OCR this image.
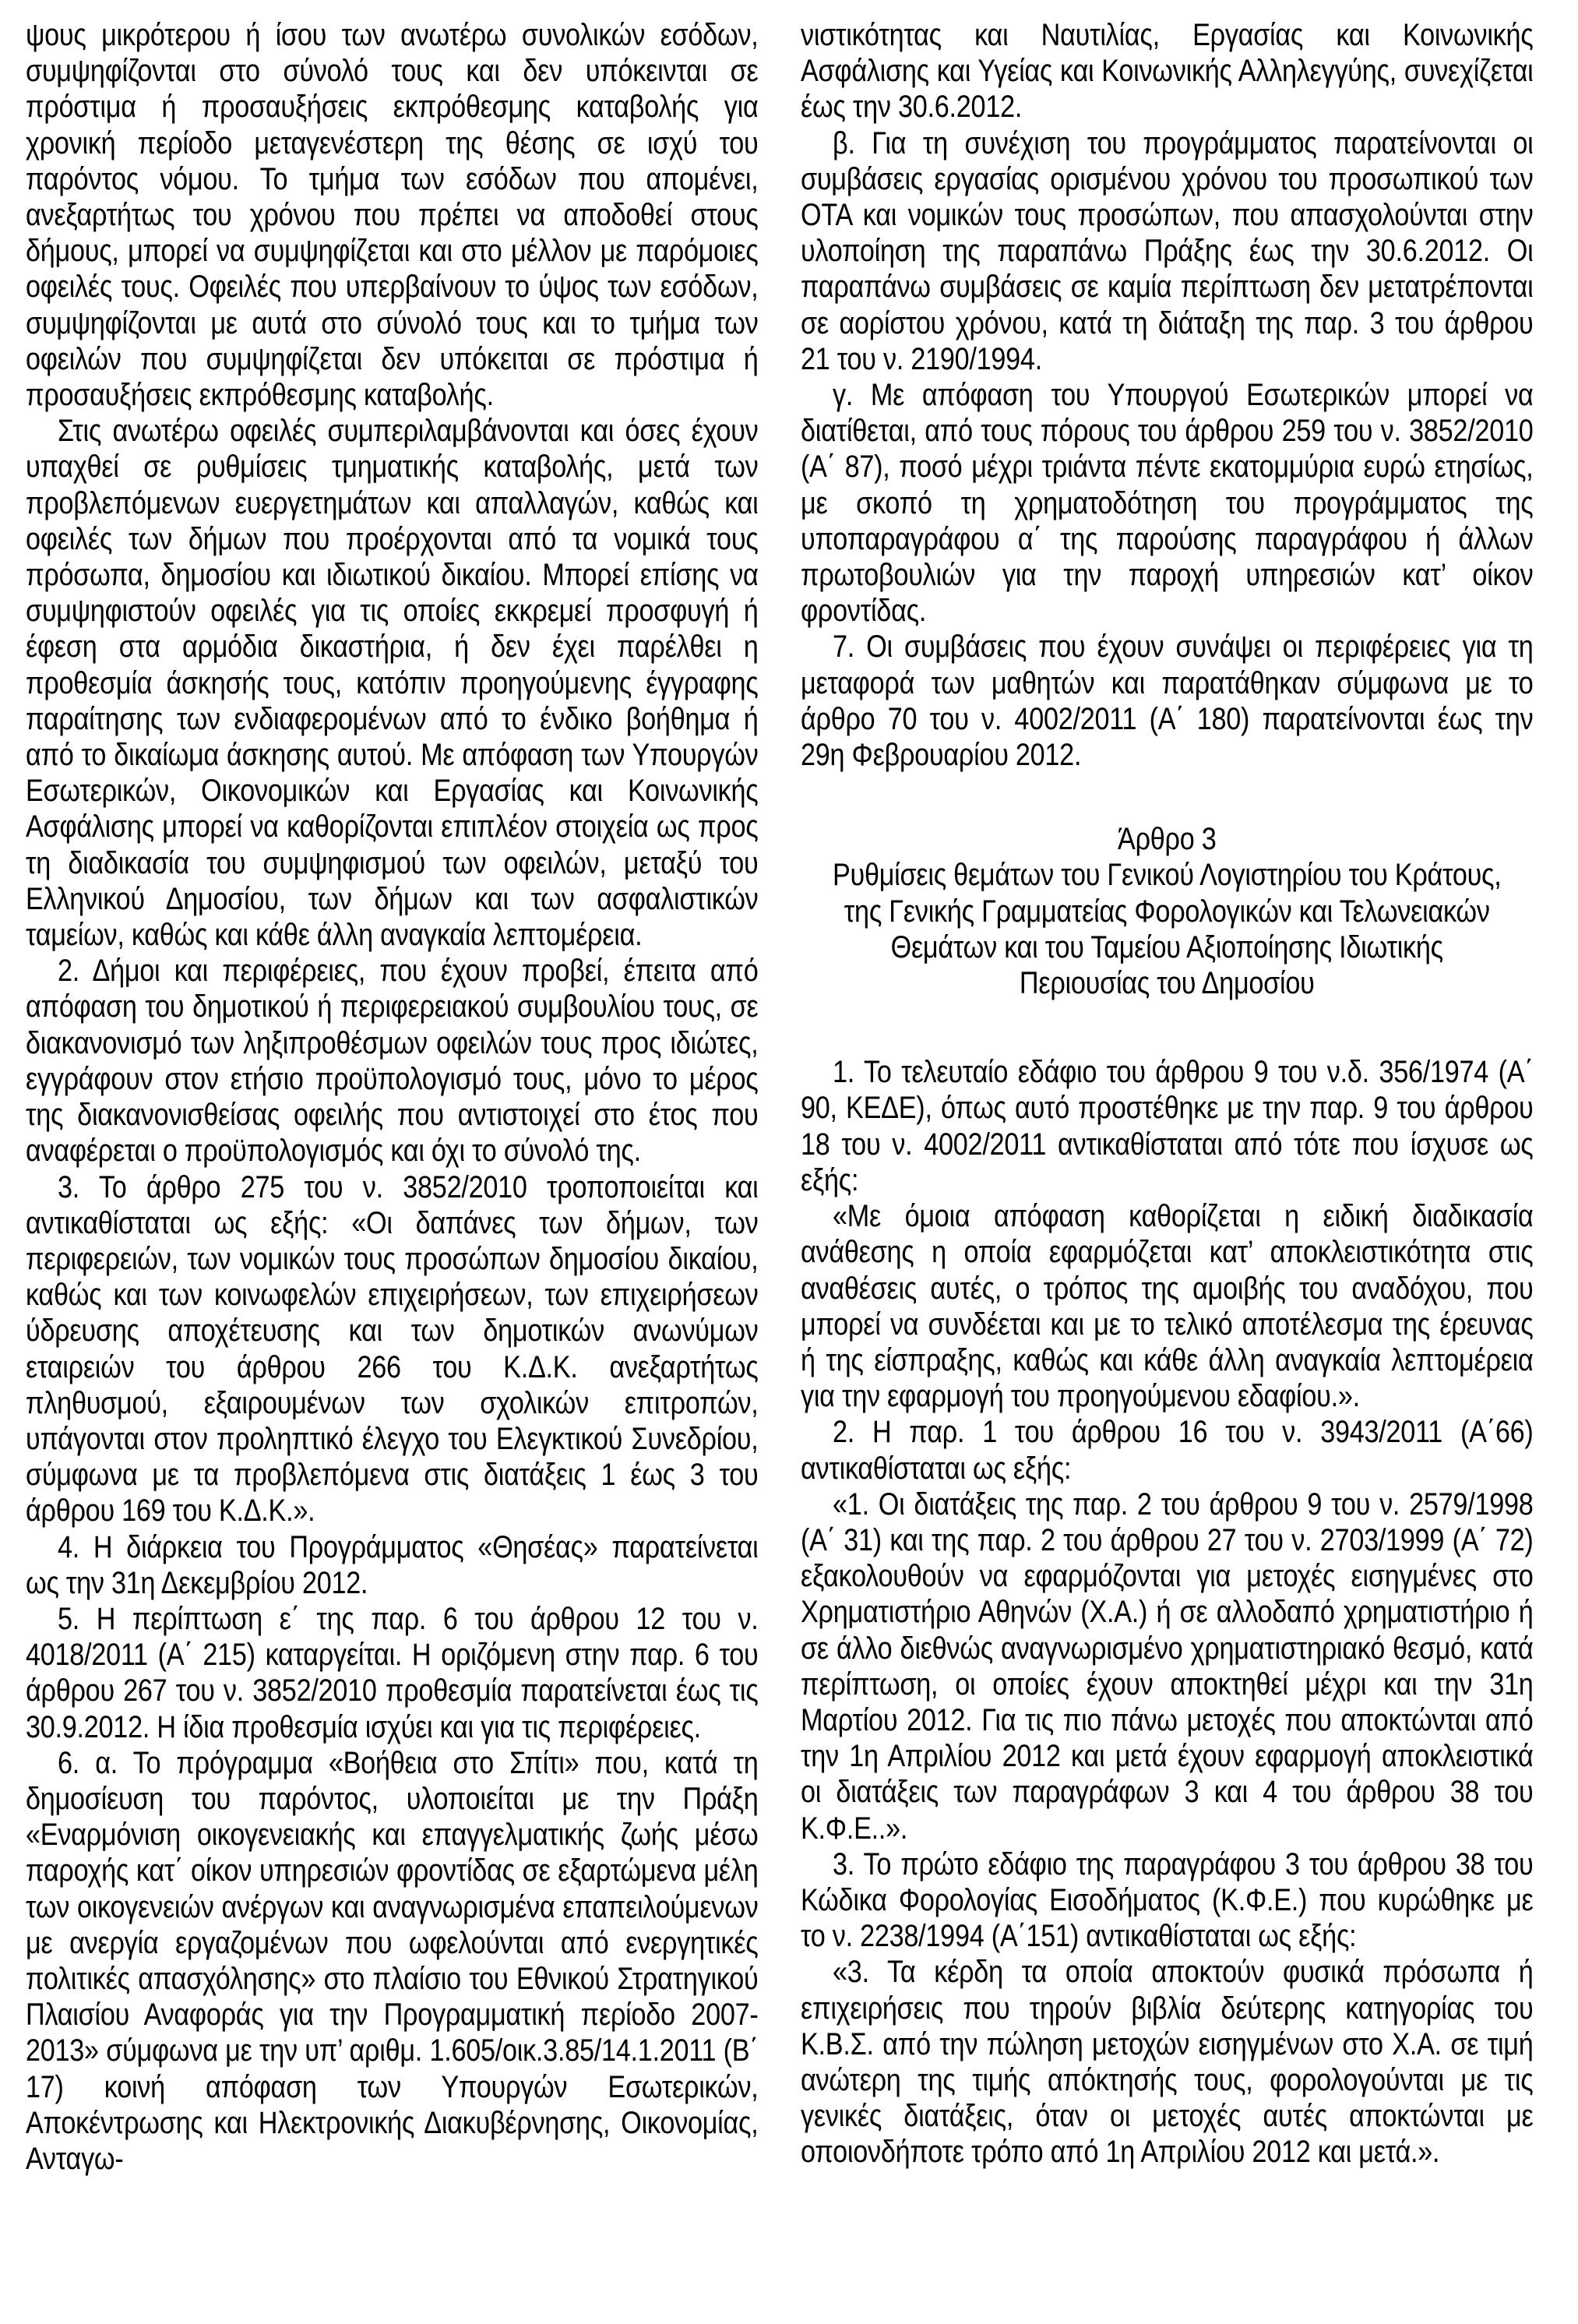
ψους μικρότερου ή ίσου των ανωτέρω συνολικών εσόδων, συμψηφίζονται στο σύνολό τους και δεν υπόκεινται σε πρόστιμα ή προσαυξήσεις εκπρόθεσμης καταβολής για χρονική περίοδο μεταγενέστερη της θέσης σε ισχύ του παρόντος νόμου. Το τμήμα των εσόδων που απομένει, ανεξαρτήτως του χρόνου που πρέπει να αποδοθεί στους δήμους, μπορεί να συμψηφίζεται και στο μέλλον με παρόμοιες οφειλές τους. Οφειλές που υπερβαίνουν το ύψος των εσόδων, συμψηφίζονται με αυτά στο σύνολό τους και το τμήμα των οφειλών που συμψηφίζεται δεν υπόκειται σε πρόστιμα ή προσαυξήσεις εκπρόθεσμης καταβολής.

Στις ανωτέρω οφειλές συμπεριλαμβάνονται και όσες έχουν υπαχθεί σε ρυθμίσεις τμηματικής καταβολής, μετά των προβλεπόμενων ευεργετημάτων και απαλλαγών, καθώς και οφειλές των δήμων που προέρχονται από τα νομικά τους πρόσωπα, δημοσίου και ιδιωτικού δικαίου. Μπορεί επίσης να συμψηφιστούν οφειλές για τις οποίες εκκρεμεί προσφυγή ή έφεση στα αρμόδια δικαστήρια, ή δεν έχει παρέλθει η προθεσμία άσκησής τους, κατόπιν προηγούμενης έγγραφης παραίτησης των ενδιαφερομένων από το ένδικο βοήθημα ή από το δικαίωμα άσκησης αυτού. Με απόφαση των Υπουργών Εσωτερικών, Οικονομικών και Εργασίας και Κοινωνικής Ασφάλισης μπορεί να καθορίζονται επιπλέον στοιχεία ως προς τη διαδικασία του συμψηφισμού των οφειλών, μεταξύ του Ελληνικού Δημοσίου, των δήμων και των ασφαλιστικών ταμείων, καθώς και κάθε άλλη αναγκαία λεπτομέρεια.

2. Δήμοι και περιφέρειες, που έχουν προβεί, έπειτα από απόφαση του δημοτικού ή περιφερειακού συμβουλίου τους, σε διακανονισμό των ληξιπροθέσμων οφειλών τους προς ιδιώτες, εγγράφουν στον ετήσιο προϋπολογισμό τους, μόνο το μέρος της διακανονισθείσας οφειλής που αντιστοιχεί στο έτος που αναφέρεται ο προϋπολογισμός και όχι το σύνολό της.

3. Το άρθρο 275 του ν. 3852/2010 τροποποιείται και αντικαθίσταται ως εξής: «Οι δαπάνες των δήμων, των περιφερειών, των νομικών τους προσώπων δημοσίου δικαίου, καθώς και των κοινωφελών επιχειρήσεων, των επιχειρήσεων ύδρευσης αποχέτευσης και των δημοτικών ανωνύμων εταιρειών του άρθρου 266 του Κ.Δ.Κ. ανεξαρτήτως πληθυσμού, εξαιρουμένων των σχολικών επιτροπών, υπάγονται στον προληπτικό έλεγχο του Ελεγκτικού Συνεδρίου, σύμφωνα με τα προβλεπόμενα στις διατάξεις 1 έως 3 του άρθρου 169 του Κ.Δ.Κ.».

4. Η διάρκεια του Προγράμματος «Θησέας» παρατείνεται ως την 31η Δεκεμβρίου 2012.

5. Η περίπτωση ε΄ της παρ. 6 του άρθρου 12 του ν. 4018/2011 (Α΄ 215) καταργείται. Η οριζόμενη στην παρ. 6 του άρθρου 267 του ν. 3852/2010 προθεσμία παρατείνεται έως τις 30.9.2012. Η ίδια προθεσμία ισχύει και για τις περιφέρειες.

6. α. Το πρόγραμμα «Βοήθεια στο Σπίτι» που, κατά τη δημοσίευση του παρόντος, υλοποιείται με την Πράξη «Εναρμόνιση οικογενειακής και επαγγελματικής ζωής μέσω παροχής κατ΄ οίκον υπηρεσιών φροντίδας σε εξαρτώμενα μέλη των οικογενειών ανέργων και αναγνωρισμένα επαπειλούμενων με ανεργία εργαζομένων που ωφελούνται από ενεργητικές πολιτικές απασχόλησης» στο πλαίσιο του Εθνικού Στρατηγικού Πλαισίου Αναφοράς για την Προγραμματική περίοδο 2007-2013» σύμφωνα με την υπ’ αριθμ. 1.605/οικ.3.85/14.1.2011 (Β΄ 17) κοινή απόφαση των Υπουργών Εσωτερικών, Αποκέντρωσης και Ηλεκτρονικής Διακυβέρνησης, Οικονομίας, Ανταγω-

νιστικότητας και Ναυτιλίας, Εργασίας και Κοινωνικής Ασφάλισης και Υγείας και Κοινωνικής Αλληλεγγύης, συνεχίζεται έως την 30.6.2012.

β. Για τη συνέχιση του προγράμματος παρατείνονται οι συμβάσεις εργασίας ορισμένου χρόνου του προσωπικού των ΟΤΑ και νομικών τους προσώπων, που απασχολούνται στην υλοποίηση της παραπάνω Πράξης έως την 30.6.2012. Οι παραπάνω συμβάσεις σε καμία περίπτωση δεν μετατρέπονται σε αορίστου χρόνου, κατά τη διάταξη της παρ. 3 του άρθρου 21 του ν. 2190/1994.

γ. Με απόφαση του Υπουργού Εσωτερικών μπορεί να διατίθεται, από τους πόρους του άρθρου 259 του ν. 3852/2010 (Α΄ 87), ποσό μέχρι τριάντα πέντε εκατομμύρια ευρώ ετησίως, με σκοπό τη χρηματοδότηση του προγράμματος της υποπαραγράφου α΄ της παρούσης παραγράφου ή άλλων πρωτοβουλιών για την παροχή υπηρεσιών κατ’ οίκον φροντίδας.

7. Οι συμβάσεις που έχουν συνάψει οι περιφέρειες για τη μεταφορά των μαθητών και παρατάθηκαν σύμφωνα με το άρθρο 70 του ν. 4002/2011 (Α΄ 180) παρατείνονται έως την 29η Φεβρουαρίου 2012.

Άρθρο 3
Ρυθμίσεις θεμάτων του Γενικού Λογιστηρίου του Κράτους, της Γενικής Γραμματείας Φορολογικών και Τελωνειακών Θεμάτων και του Ταμείου Αξιοποίησης Ιδιωτικής Περιουσίας του Δημοσίου

1. Το τελευταίο εδάφιο του άρθρου 9 του ν.δ. 356/1974 (Α΄ 90, ΚΕΔΕ), όπως αυτό προστέθηκε με την παρ. 9 του άρθρου 18 του ν. 4002/2011 αντικαθίσταται από τότε που ίσχυσε ως εξής:

«Με όμοια απόφαση καθορίζεται η ειδική διαδικασία ανάθεσης η οποία εφαρμόζεται κατ’ αποκλειστικότητα στις αναθέσεις αυτές, ο τρόπος της αμοιβής του αναδόχου, που μπορεί να συνδέεται και με το τελικό αποτέλεσμα της έρευνας ή της είσπραξης, καθώς και κάθε άλλη αναγκαία λεπτομέρεια για την εφαρμογή του προηγούμενου εδαφίου.».

2. Η παρ. 1 του άρθρου 16 του ν. 3943/2011 (Α΄66) αντικαθίσταται ως εξής:

«1. Οι διατάξεις της παρ. 2 του άρθρου 9 του ν. 2579/1998 (Α΄ 31) και της παρ. 2 του άρθρου 27 του ν. 2703/1999 (Α΄ 72) εξακολουθούν να εφαρμόζονται για μετοχές εισηγμένες στο Χρηματιστήριο Αθηνών (Χ.Α.) ή σε αλλοδαπό χρηματιστήριο ή σε άλλο διεθνώς αναγνωρισμένο χρηματιστηριακό θεσμό, κατά περίπτωση, οι οποίες έχουν αποκτηθεί μέχρι και την 31η Μαρτίου 2012. Για τις πιο πάνω μετοχές που αποκτώνται από την 1η Απριλίου 2012 και μετά έχουν εφαρμογή αποκλειστικά οι διατάξεις των παραγράφων 3 και 4 του άρθρου 38 του Κ.Φ.Ε..».

3. Το πρώτο εδάφιο της παραγράφου 3 του άρθρου 38 του Κώδικα Φορολογίας Εισοδήματος (Κ.Φ.Ε.) που κυρώθηκε με το ν. 2238/1994 (Α΄151) αντικαθίσταται ως εξής:

«3. Τα κέρδη τα οποία αποκτούν φυσικά πρόσωπα ή επιχειρήσεις που τηρούν βιβλία δεύτερης κατηγορίας του Κ.Β.Σ. από την πώληση μετοχών εισηγμένων στο Χ.Α. σε τιμή ανώτερη της τιμής απόκτησής τους, φορολογούνται με τις γενικές διατάξεις, όταν οι μετοχές αυτές αποκτώνται με οποιονδήποτε τρόπο από 1η Απριλίου 2012 και μετά.».
